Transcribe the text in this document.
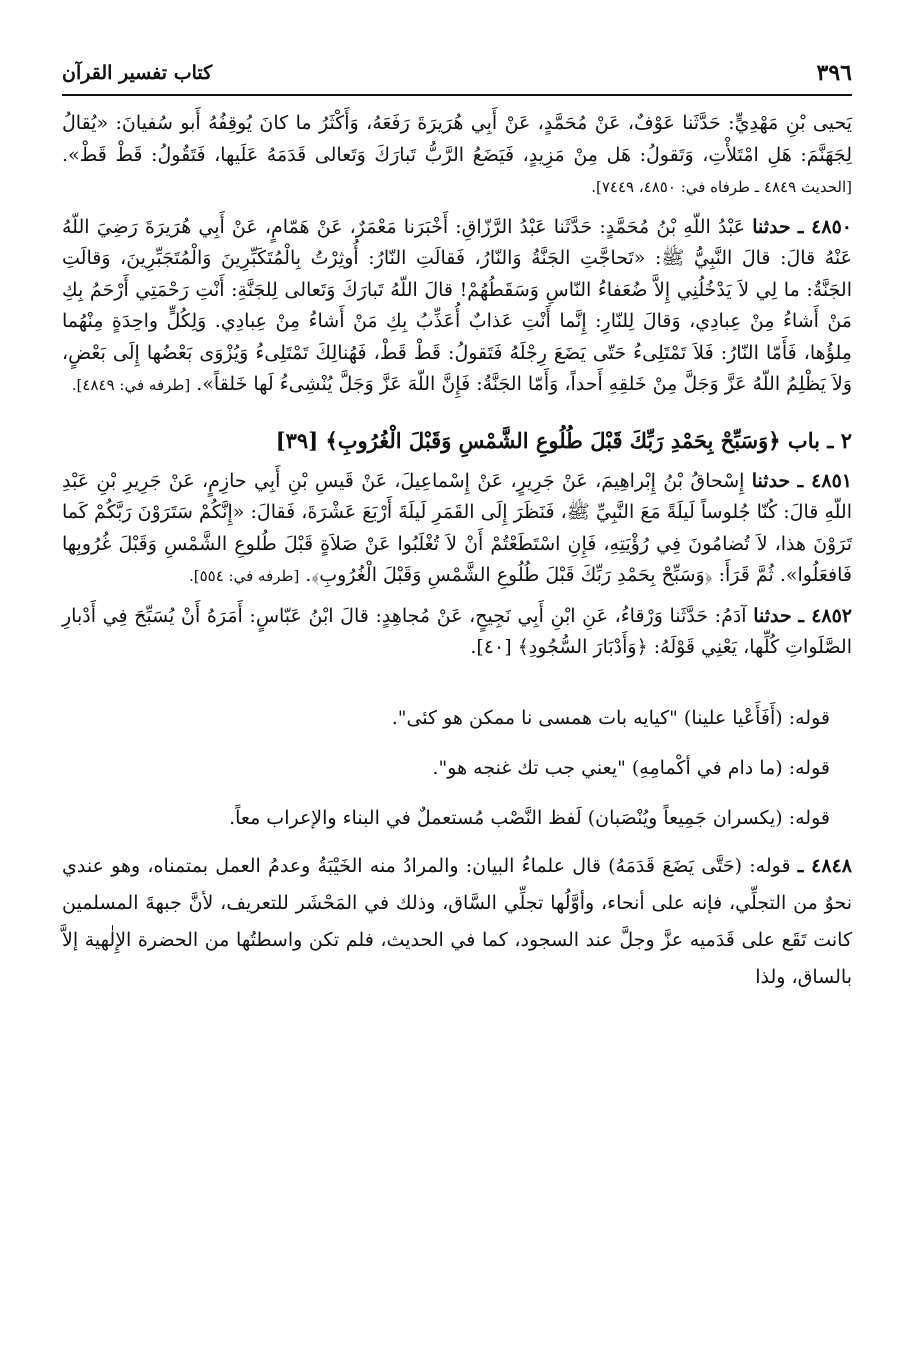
٣٩٦
كتاب تفسير القرآن

يَحيى بْنِ مَهْدِيٍّ: حَدَّثَنا عَوْفٌ، عَنْ مُحَمَّدٍ، عَنْ أَبِي هُرَيرَةَ رَفَعَهُ، وَأَكْثَرُ ما كانَ يُوقِفُهُ أَبو سُفيانَ: «يُقالُ لِجَهَنَّمَ: هَلِ امْتَلأْتِ، وَتَقولُ: هَل مِنْ مَزِيدٍ، فَيَضَعُ الرَّبُّ تَبارَكَ وَتَعالى قَدَمَهُ عَلَيها، فَتَقُولُ: قَطْ قَطْ». [الحديث ٤٨٤٩ ـ طرفاه في: ٤٨٥٠، ٧٤٤٩].

٤٨٥٠ ـ حدثنا عَبْدُ اللّهِ بْنُ مُحَمَّدٍ: حَدَّثَنا عَبْدُ الرَّزّاقِ: أَخْبَرَنا مَعْمَرٌ، عَنْ هَمّامٍ، عَنْ أَبِي هُرَيرَةَ رَضِيَ اللّهُ عَنْهُ قالَ: قالَ النَّبِيُّ ﷺ: «تَحاجَّتِ الجَنَّةُ وَالنّارُ، فَقالَتِ النّارُ: أُوثِرْتُ بِالْمُتَكَبِّرِينَ وَالْمُتَجَبِّرِينَ، وَقالَتِ الجَنَّةُ: ما لِي لاَ يَدْخُلُنِي إِلاَّ ضُعَفاءُ النّاسِ وَسَقَطُهُمْ! قالَ اللّهُ تَبارَكَ وَتَعالى لِلجَنَّةِ: أَنْتِ رَحْمَتِي أَرْحَمُ بِكِ مَنْ أَشاءُ مِنْ عِبادِي، وَقالَ لِلنّارِ: إِنَّما أَنْتِ عَذابٌ أُعَذِّبُ بِكِ مَنْ أَشاءُ مِنْ عِبادِي. وَلِكُلٍّ واحِدَةٍ مِنْهُما مِلؤُها، فَأَمّا النّارُ: فَلاَ تَمْتَلِىءُ حَتّى يَضَعَ رِجْلَهُ فَتَقولُ: قَطْ قَطْ، فَهُنالِكَ تَمْتَلِىءُ وَيُزْوَى بَعْضُها إِلَى بَعْضٍ، وَلاَ يَظْلِمُ اللّهُ عَزَّ وَجَلَّ مِنْ خَلقِهِ أَحداً، وَأَمّا الجَنَّةُ: فَإِنَّ اللّهَ عَزَّ وَجَلَّ يُنْشِىءُ لَها خَلقاً». [طرفه في: ٤٨٤٩].

٢ ـ باب ﴿وَسَبِّحْ بِحَمْدِ رَبِّكَ قَبْلَ طُلُوعِ الشَّمْسِ وَقَبْلَ الْغُرُوبِ﴾ [٣٩]

٤٨٥١ ـ حدثنا إِسْحاقُ بْنُ إِبْراهِيمَ، عَنْ جَرِيرٍ، عَنْ إِسْماعِيلَ، عَنْ قَيسِ بْنِ أَبِي حازِمٍ، عَنْ جَرِيرِ بْنِ عَبْدِ اللّهِ قالَ: كُنّا جُلوساً لَيلَةً مَعَ النَّبِيِّ ﷺ، فَنَظَرَ إِلَى القَمَرِ لَيلَةَ أَرْبَعَ عَشْرَةَ، فَقالَ: «إِنَّكُمْ سَتَرَوْنَ رَبَّكُمْ كَما تَرَوْنَ هذا، لاَ تُضامُونَ فِي رُؤْيَتِهِ، فَإِنِ اسْتَطَعْتُمْ أَنْ لاَ تُغْلَبُوا عَنْ صَلاَةٍ قَبْلَ طُلوعِ الشَّمْسِ وَقَبْلَ غُرُوبِها فَافعَلُوا». ثُمَّ قَرَأَ: ﴿وَسَبِّحْ بِحَمْدِ رَبِّكَ قَبْلَ طُلُوعِ الشَّمْسِ وَقَبْلَ الْغُرُوبِ﴾. [طرفه في: ٥٥٤].

٤٨٥٢ ـ حدثنا آدَمُ: حَدَّثَنا وَرْقاءُ، عَنِ ابْنِ أَبِي نَجِيحٍ، عَنْ مُجاهِدٍ: قالَ ابْنُ عَبّاسٍ: أَمَرَهُ أَنْ يُسَبِّحَ فِي أَدْبارِ الصَّلَواتِ كُلِّها، يَعْنِي قَوْلَهُ: ﴿وَأَدْبَارَ السُّجُودِ﴾ [٤٠].

قوله: (أَفَأَعْيا علينا) "كيايه بات همسى نا ممكن هو كئى".
قوله: (ما دام في أكْمامِهِ) "يعني جب تك غنجه هو".
قوله: (يكسران جَمِيعاً ويُنْصَبان) لَفظ النَّصْب مُستعملٌ في البناء والإعراب معاً.
٤٨٤٨ ـ قوله: (حَتَّى يَضَعَ قَدَمَهُ) قال علماءُ البيان: والمرادُ منه الخَيْبَةُ وعدمُ العمل بمتمناه، وهو عندي نحوٌ من التجلِّي، فإنه على أنحاء، وأوَّلُها تجلِّي السَّاق، وذلك في المَحْشَر للتعريف، لأنَّ جبهةَ المسلمين كانت تَقَع على قَدَميه عزَّ وجلَّ عند السجود، كما في الحديث، فلم تكن واسطتُها من الحضرة الإِلٰهية إلاَّ بالساق، ولذا
